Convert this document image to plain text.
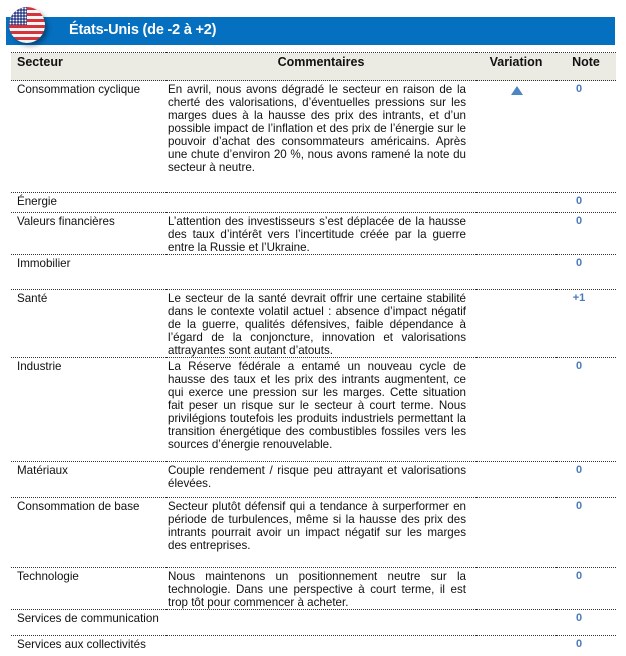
États-Unis (de -2 à +2)
Secteur	Commentaires	Variation	Note
Consommation cyclique	En avril, nous avons dégradé le secteur en raison de la cherté des valorisations, d’éventuelles pressions sur les marges dues à la hausse des prix des intrants, et d’un possible impact de l’inflation et des prix de l’énergie sur le pouvoir d’achat des consommateurs américains. Après une chute d’environ 20 %, nous avons ramené la note du secteur à neutre.		0
Énergie			0
Valeurs financières	L’attention des investisseurs s’est déplacée de la hausse des taux d’intérêt vers l’incertitude créée par la guerre entre la Russie et l’Ukraine.		0
Immobilier			0
Santé	Le secteur de la santé devrait offrir une certaine stabilité dans le contexte volatil actuel : absence d’impact négatif de la guerre, qualités défensives, faible dépendance à l’égard de la conjoncture, innovation et valorisations attrayantes sont autant d’atouts.		+1
Industrie	La Réserve fédérale a entamé un nouveau cycle de hausse des taux et les prix des intrants augmentent, ce qui exerce une pression sur les marges. Cette situation fait peser un risque sur le secteur à court terme. Nous privilégions toutefois les produits industriels permettant la transition énergétique des combustibles fossiles vers les sources d’énergie renouvelable.		0
Matériaux	Couple rendement / risque peu attrayant et valorisations élevées.		0
Consommation de base	Secteur plutôt défensif qui a tendance à surperformer en période de turbulences, même si la hausse des prix des intrants pourrait avoir un impact négatif sur les marges des entreprises.		0
Technologie	Nous maintenons un positionnement neutre sur la technologie. Dans une perspective à court terme, il est trop tôt pour commencer à acheter.		0
Services de communication			0
Services aux collectivités			0
